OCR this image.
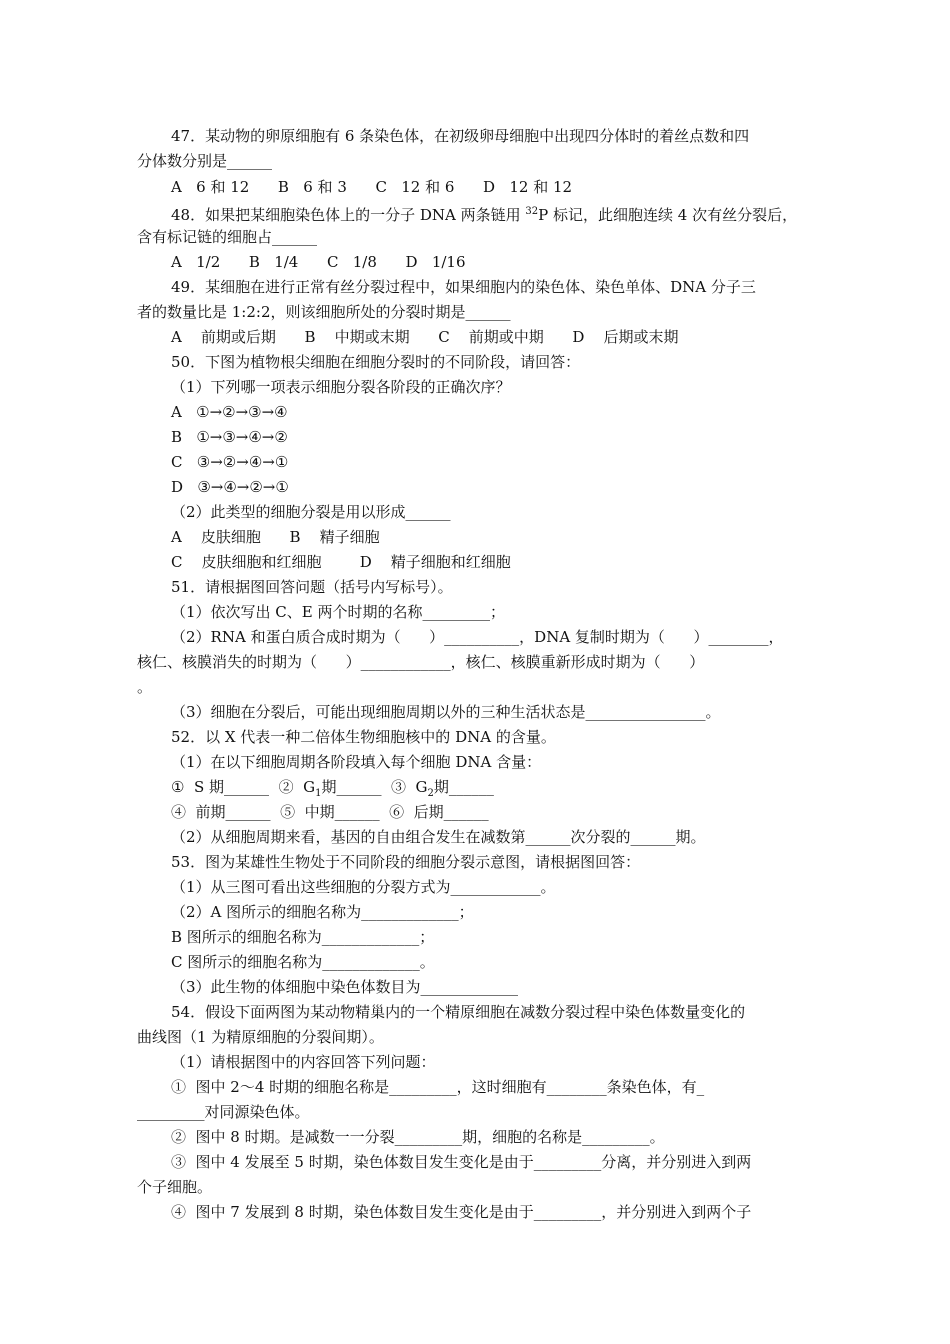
47．某动物的卵原细胞有 6 条染色体，在初级卵母细胞中出现四分体时的着丝点数和四
分体数分别是______
A   6 和 12      B   6 和 3      C   12 和 6      D   12 和 12
48．如果把某细胞染色体上的一分子 DNA 两条链用 $^{32}$P 标记，此细胞连续 4 次有丝分裂后，
含有标记链的细胞占______
A   1/2      B   1/4      C   1/8      D   1/16
49．某细胞在进行正常有丝分裂过程中，如果细胞内的染色体、染色单体、DNA 分子三
者的数量比是 1:2:2，则该细胞所处的分裂时期是______
A    前期或后期      B    中期或末期      C    前期或中期      D    后期或末期
50．下图为植物根尖细胞在细胞分裂时的不同阶段，请回答：
（1）下列哪一项表示细胞分裂各阶段的正确次序？
A   ①→②→③→④
B   ①→③→④→②
C   ③→②→④→①
D   ③→④→②→①
（2）此类型的细胞分裂是用以形成______
A    皮肤细胞      B    精子细胞
C    皮肤细胞和红细胞        D    精子细胞和红细胞
51．请根据图回答问题（括号内写标号）。
（1）依次写出 C、E 两个时期的名称_________；
（2）RNA 和蛋白质合成时期为（      ）__________，DNA 复制时期为（      ）________，
核仁、核膜消失的时期为（      ）____________，核仁、核膜重新形成时期为（      ）
。
（3）细胞在分裂后，可能出现细胞周期以外的三种生活状态是________________。
52．以 X 代表一种二倍体生物细胞核中的 DNA 的含量。
（1）在以下细胞周期各阶段填入每个细胞 DNA 含量：
①  S 期______  ②  $G_1$期______  ③  $G_2$期______
④  前期______  ⑤  中期______  ⑥  后期______
（2）从细胞周期来看，基因的自由组合发生在减数第______次分裂的______期。
53．图为某雄性生物处于不同阶段的细胞分裂示意图，请根据图回答：
（1）从三图可看出这些细胞的分裂方式为____________。
（2）A 图所示的细胞名称为_____________；
B 图所示的细胞名称为_____________；
C 图所示的细胞名称为_____________。
（3）此生物的体细胞中染色体数目为_____________
54．假设下面两图为某动物精巢内的一个精原细胞在减数分裂过程中染色体数量变化的
曲线图（1 为精原细胞的分裂间期）。
（1）请根据图中的内容回答下列问题：
①  图中 2～4 时期的细胞名称是_________，这时细胞有________条染色体，有_
_________对同源染色体。
②  图中 8 时期。是减数一一分裂_________期，细胞的名称是_________。
③  图中 4 发展至 5 时期，染色体数目发生变化是由于_________分离，并分别进入到两
个子细胞。
④  图中 7 发展到 8 时期，染色体数目发生变化是由于_________，并分别进入到两个子
